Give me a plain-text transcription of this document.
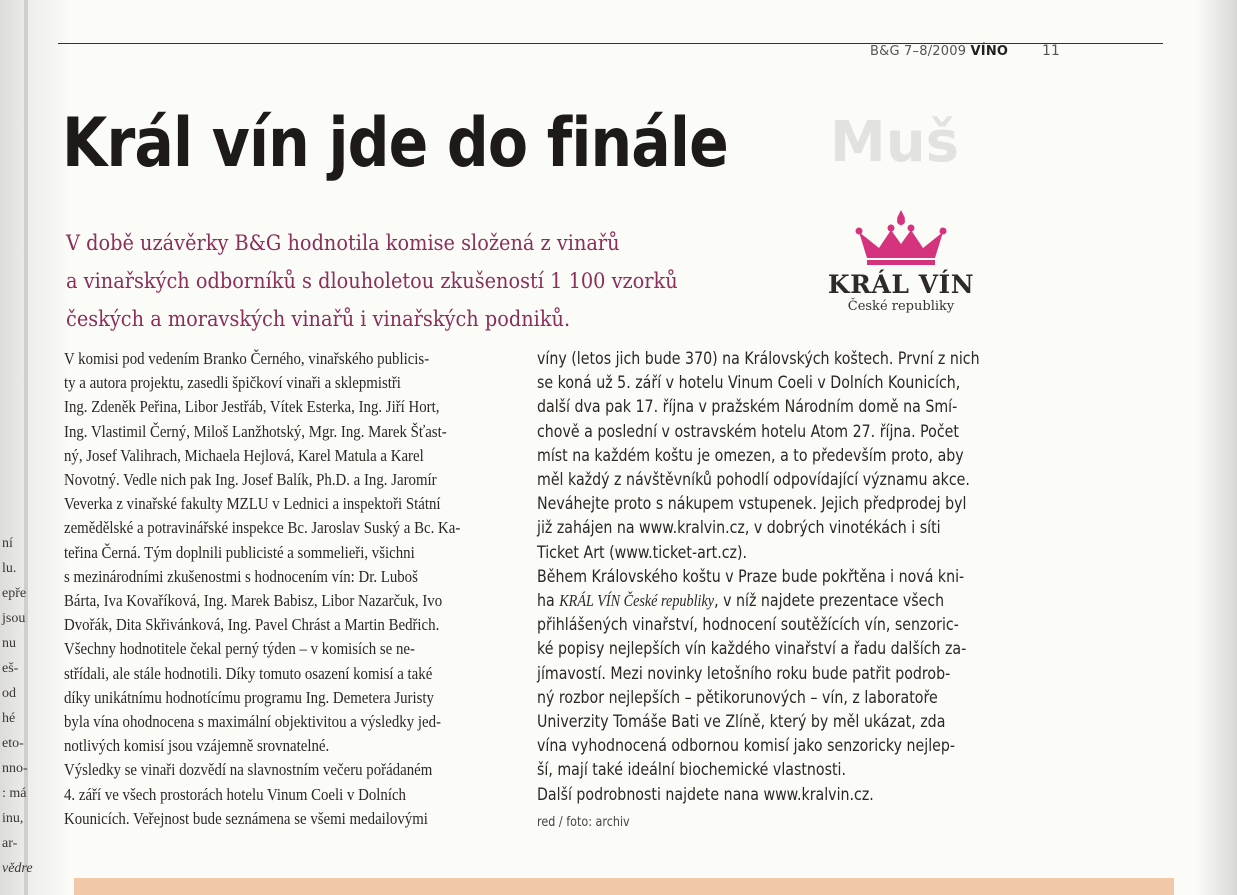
ní
lu.
epře
jsou
nu
eš-
od
hé
eto-
nno-
: má
inu,
ar-
vědre
Muš
B&G 7–8/2009 VÍNO 11
Král vín jde do finále
V době uzávěrky B&G hodnotila komise složená z vinařů
a vinařských odborníků s dlouholetou zkušeností 1 100 vzorků
českých a moravských vinařů i vinařských podniků.
KRÁL VÍN
České republiky
V komisi pod vedením Branko Černého, vinařského publicis-
ty a autora projektu, zasedli špičkoví vinaři a sklepmistři
Ing. Zdeněk Peřina, Libor Jestřáb, Vítek Esterka, Ing. Jiří Hort,
Ing. Vlastimil Černý, Miloš Lanžhotský, Mgr. Ing. Marek Šťast-
ný, Josef Valihrach, Michaela Hejlová, Karel Matula a Karel
Novotný. Vedle nich pak Ing. Josef Balík, Ph.D. a Ing. Jaromír
Veverka z vinařské fakulty MZLU v Lednici a inspektoři Státní
zemědělské a potravinářské inspekce Bc. Jaroslav Suský a Bc. Ka-
teřina Černá. Tým doplnili publicisté a sommelieři, všichni
s mezinárodními zkušenostmi s hodnocením vín: Dr. Luboš
Bárta, Iva Kovaříková, Ing. Marek Babisz, Libor Nazarčuk, Ivo
Dvořák, Dita Skřivánková, Ing. Pavel Chrást a Martin Bedřich.
Všechny hodnotitele čekal perný týden – v komisích se ne-
střídali, ale stále hodnotili. Díky tomuto osazení komisí a také
díky unikátnímu hodnotícímu programu Ing. Demetera Juristy
byla vína ohodnocena s maximální objektivitou a výsledky jed-
notlivých komisí jsou vzájemně srovnatelné.
Výsledky se vinaři dozvědí na slavnostním večeru pořádaném
4. září ve všech prostorách hotelu Vinum Coeli v Dolních
Kounicích. Veřejnost bude seznámena se všemi medailovými
víny (letos jich bude 370) na Královských koštech. První z nich
se koná už 5. září v hotelu Vinum Coeli v Dolních Kounicích,
další dva pak 17. října v pražském Národním domě na Smí-
chově a poslední v ostravském hotelu Atom 27. října. Počet
míst na každém koštu je omezen, a to především proto, aby
měl každý z návštěvníků pohodlí odpovídající významu akce.
Neváhejte proto s nákupem vstupenek. Jejich předprodej byl
již zahájen na www.kralvin.cz, v dobrých vinotékách i síti
Ticket Art (www.ticket-art.cz).
Během Královského koštu v Praze bude pokřtěna i nová kni-
ha KRÁL VÍN České republiky, v níž najdete prezentace všech
přihlášených vinařství, hodnocení soutěžících vín, senzoric-
ké popisy nejlepších vín každého vinařství a řadu dalších za-
jímavostí. Mezi novinky letošního roku bude patřit podrob-
ný rozbor nejlepších – pětikorunových – vín, z laboratoře
Univerzity Tomáše Bati ve Zlíně, který by měl ukázat, zda
vína vyhodnocená odbornou komisí jako senzoricky nejlep-
ší, mají také ideální biochemické vlastnosti.
Další podrobnosti najdete nana www.kralvin.cz.
red / foto: archiv
